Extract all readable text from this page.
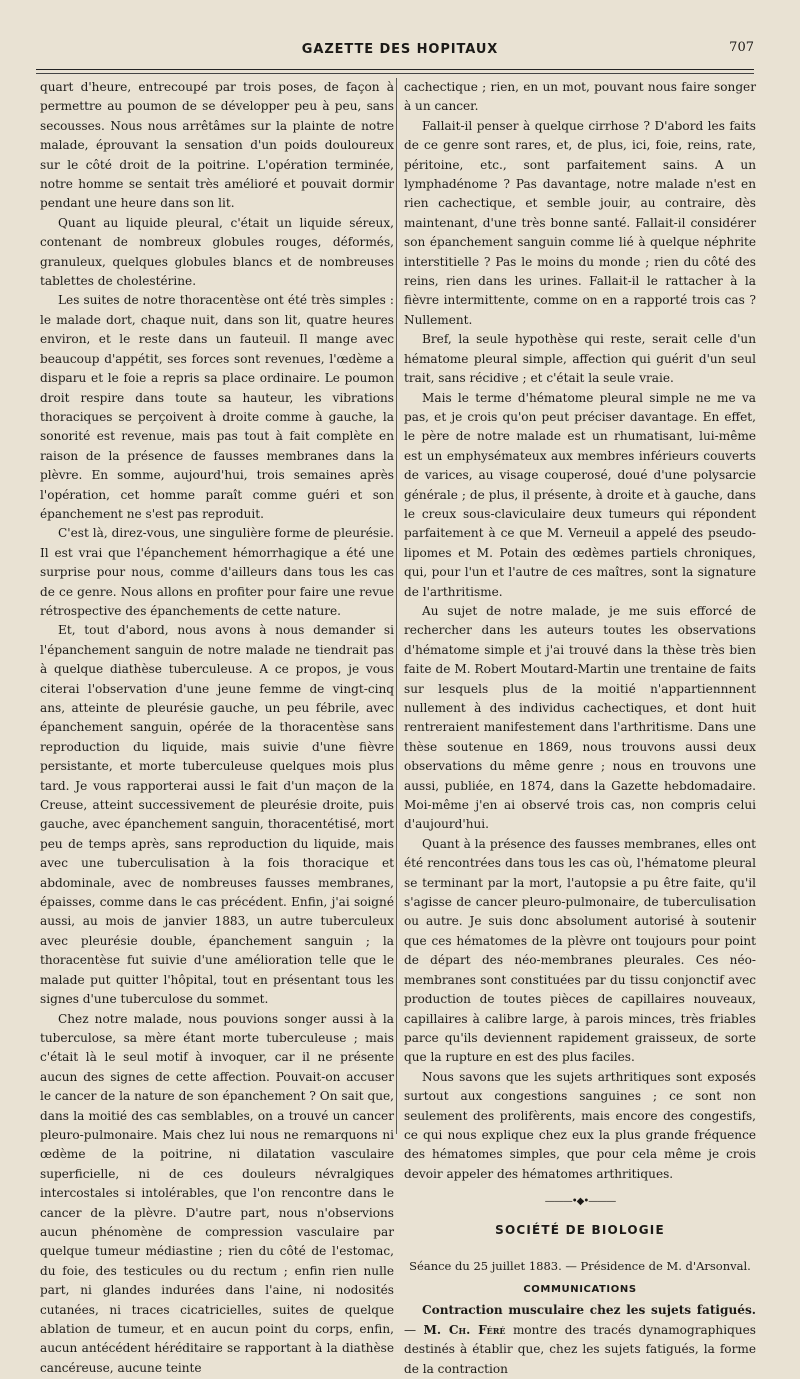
GAZETTE DES HOPITAUX	707

quart d'heure, entrecoupé par trois poses, de façon à permettre au poumon de se développer peu à peu, sans secousses. Nous nous arrêtâmes sur la plainte de notre malade, éprouvant la sensation d'un poids douloureux sur le côté droit de la poitrine. L'opération terminée, notre homme se sentait très amélioré et pouvait dormir pendant une heure dans son lit.

Quant au liquide pleural, c'était un liquide séreux, contenant de nombreux globules rouges, déformés, granuleux, quelques globules blancs et de nombreuses tablettes de cholestérine.

Les suites de notre thoracentèse ont été très simples : le malade dort, chaque nuit, dans son lit, quatre heures environ, et le reste dans un fauteuil. Il mange avec beaucoup d'appétit, ses forces sont revenues, l'œdème a disparu et le foie a repris sa place ordinaire. Le poumon droit respire dans toute sa hauteur, les vibrations thoraciques se perçoivent à droite comme à gauche, la sonorité est revenue, mais pas tout à fait complète en raison de la présence de fausses membranes dans la plèvre. En somme, aujourd'hui, trois semaines après l'opération, cet homme paraît comme guéri et son épanchement ne s'est pas reproduit.

C'est là, direz-vous, une singulière forme de pleurésie. Il est vrai que l'épanchement hémorrhagique a été une surprise pour nous, comme d'ailleurs dans tous les cas de ce genre. Nous allons en profiter pour faire une revue rétrospective des épanchements de cette nature.

Et, tout d'abord, nous avons à nous demander si l'épanchement sanguin de notre malade ne tiendrait pas à quelque diathèse tuberculeuse. A ce propos, je vous citerai l'observation d'une jeune femme de vingt-cinq ans, atteinte de pleurésie gauche, un peu fébrile, avec épanchement sanguin, opérée de la thoracentèse sans reproduction du liquide, mais suivie d'une fièvre persistante, et morte tuberculeuse quelques mois plus tard. Je vous rapporterai aussi le fait d'un maçon de la Creuse, atteint successivement de pleurésie droite, puis gauche, avec épanchement sanguin, thoracentétisé, mort peu de temps après, sans reproduction du liquide, mais avec une tuberculisation à la fois thoracique et abdominale, avec de nombreuses fausses membranes, épaisses, comme dans le cas précédent. Enfin, j'ai soigné aussi, au mois de janvier 1883, un autre tuberculeux avec pleurésie double, épanchement sanguin ; la thoracentèse fut suivie d'une amélioration telle que le malade put quitter l'hôpital, tout en présentant tous les signes d'une tuberculose du sommet.

Chez notre malade, nous pouvions songer aussi à la tuberculose, sa mère étant morte tuberculeuse ; mais c'était là le seul motif à invoquer, car il ne présente aucun des signes de cette affection. Pouvait-on accuser le cancer de la nature de son épanchement ? On sait que, dans la moitié des cas semblables, on a trouvé un cancer pleuro-pulmonaire. Mais chez lui nous ne remarquons ni œdème de la poitrine, ni dilatation vasculaire superficielle, ni de ces douleurs névralgiques intercostales si intolérables, que l'on rencontre dans le cancer de la plèvre. D'autre part, nous n'observions aucun phénomène de compression vasculaire par quelque tumeur médiastine ; rien du côté de l'estomac, du foie, des testicules ou du rectum ; enfin rien nulle part, ni glandes indurées dans l'aine, ni nodosités cutanées, ni traces cicatricielles, suites de quelque ablation de tumeur, et en aucun point du corps, enfin, aucun antécédent héréditaire se rapportant à la diathèse cancéreuse, aucune teinte

cachectique ; rien, en un mot, pouvant nous faire songer à un cancer.

Fallait-il penser à quelque cirrhose ? D'abord les faits de ce genre sont rares, et, de plus, ici, foie, reins, rate, péritoine, etc., sont parfaitement sains. A un lymphadénome ? Pas davantage, notre malade n'est en rien cachectique, et semble jouir, au contraire, dès maintenant, d'une très bonne santé. Fallait-il considérer son épanchement sanguin comme lié à quelque néphrite interstitielle ? Pas le moins du monde ; rien du côté des reins, rien dans les urines. Fallait-il le rattacher à la fièvre intermittente, comme on en a rapporté trois cas ? Nullement.

Bref, la seule hypothèse qui reste, serait celle d'un hématome pleural simple, affection qui guérit d'un seul trait, sans récidive ; et c'était la seule vraie.

Mais le terme d'hématome pleural simple ne me va pas, et je crois qu'on peut préciser davantage. En effet, le père de notre malade est un rhumatisant, lui-même est un emphysémateux aux membres inférieurs couverts de varices, au visage couperosé, doué d'une polysarcie générale ; de plus, il présente, à droite et à gauche, dans le creux sous-claviculaire deux tumeurs qui répondent parfaitement à ce que M. Verneuil a appelé des pseudo-lipomes et M. Potain des œdèmes partiels chroniques, qui, pour l'un et l'autre de ces maîtres, sont la signature de l'arthritisme.

Au sujet de notre malade, je me suis efforcé de rechercher dans les auteurs toutes les observations d'hématome simple et j'ai trouvé dans la thèse très bien faite de M. Robert Moutard-Martin une trentaine de faits sur lesquels plus de la moitié n'appartiennnent nullement à des individus cachectiques, et dont huit rentreraient manifestement dans l'arthritisme. Dans une thèse soutenue en 1869, nous trouvons aussi deux observations du même genre ; nous en trouvons une aussi, publiée, en 1874, dans la Gazette hebdomadaire. Moi-même j'en ai observé trois cas, non compris celui d'aujourd'hui.

Quant à la présence des fausses membranes, elles ont été rencontrées dans tous les cas où, l'hématome pleural se terminant par la mort, l'autopsie a pu être faite, qu'il s'agisse de cancer pleuro-pulmonaire, de tuberculisation ou autre. Je suis donc absolument autorisé à soutenir que ces hématomes de la plèvre ont toujours pour point de départ des néo-membranes pleurales. Ces néo-membranes sont constituées par du tissu conjonctif avec production de toutes pièces de capillaires nouveaux, capillaires à calibre large, à parois minces, très friables parce qu'ils deviennent rapidement graisseux, de sorte que la rupture en est des plus faciles.

Nous savons que les sujets arthritiques sont exposés surtout aux congestions sanguines ; ce sont non seulement des prolifèrents, mais encore des congestifs, ce qui nous explique chez eux la plus grande fréquence des hématomes simples, que pour cela même je crois devoir appeler des hématomes arthritiques.

———•◆•———
SOCIÉTÉ DE BIOLOGIE
Séance du 25 juillet 1883. — Présidence de M. d'Arsonval.
COMMUNICATIONS

Contraction musculaire chez les sujets fatigués. — M. Ch. Féré montre des tracés dynamographiques destinés à établir que, chez les sujets fatigués, la forme de la contraction
